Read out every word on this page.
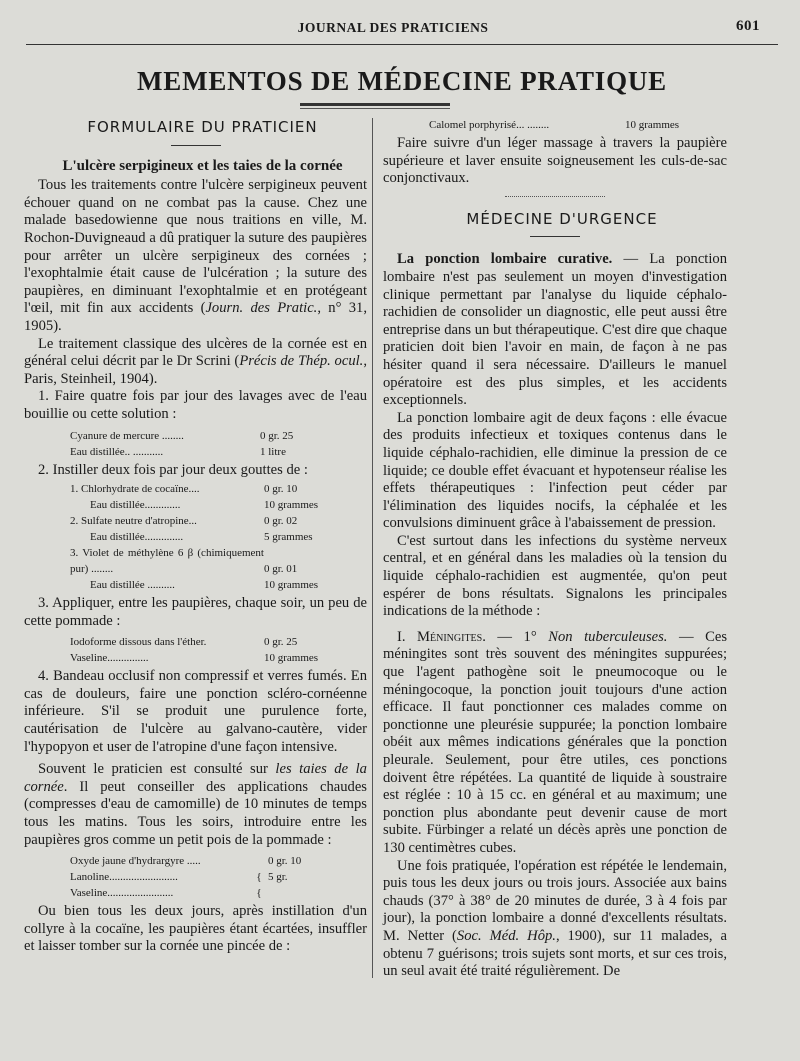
JOURNAL DES PRATICIENS	601
MEMENTOS DE MÉDECINE PRATIQUE

FORMULAIRE DU PRATICIEN

L'ulcère serpigineux et les taies de la cornée

Tous les traitements contre l'ulcère serpigineux peuvent échouer quand on ne combat pas la cause. Chez une malade basedowienne que nous traitions en ville, M. Rochon-Duvigneaud a dû pratiquer la suture des paupières pour arrêter un ulcère serpigineux des cornées ; l'exophtalmie était cause de l'ulcération ; la suture des paupières, en diminuant l'exophtalmie et en protégeant l'œil, mit fin aux accidents (Journ. des Pratic., n° 31, 1905).

Le traitement classique des ulcères de la cornée est en général celui décrit par le Dr Scrini (Précis de Thép. ocul., Paris, Steinheil, 1904).

1. Faire quatre fois par jour des lavages avec de l'eau bouillie ou cette solution :

Cyanure de mercure ........	0 gr. 25
Eau distillée.. ...........	1 litre

2. Instiller deux fois par jour deux gouttes de :

1. Chlorhydrate de cocaïne....	0 gr. 10
Eau distillée.............	10 grammes
2. Sulfate neutre d'atropine...	0 gr. 02
Eau distillée..............	5 grammes
3. Violet de méthylène 6 β (chimiquement pur) ........	0 gr. 01
Eau distillée ..........	10 grammes

3. Appliquer, entre les paupières, chaque soir, un peu de cette pommade :

Iodoforme dissous dans l'éther.	0 gr. 25
Vaseline...............	10 grammes

4. Bandeau occlusif non compressif et verres fumés. En cas de douleurs, faire une ponction scléro-cornéenne inférieure. S'il se produit une purulence forte, cautérisation de l'ulcère au galvano-cautère, vider l'hypopyon et user de l'atropine d'une façon intensive.

Souvent le praticien est consulté sur les taies de la cornée. Il peut conseiller des applications chaudes (compresses d'eau de camomille) de 10 minutes de temps tous les matins. Tous les soirs, introduire entre les paupières gros comme un petit pois de la pommade :

Oxyde jaune d'hydrargyre .....	0 gr. 10
Lanoline.........................	{ 5 gr.
Vaseline........................	{

Ou bien tous les deux jours, après instillation d'un collyre à la cocaïne, les paupières étant écartées, insuffler et laisser tomber sur la cornée une pincée de :

Calomel porphyrisé... ........	10 grammes

Faire suivre d'un léger massage à travers la paupière supérieure et laver ensuite soigneusement les culs-de-sac conjonctivaux.

MÉDECINE D'URGENCE

La ponction lombaire curative. — La ponction lombaire n'est pas seulement un moyen d'investigation clinique permettant par l'analyse du liquide céphalo-rachidien de consolider un diagnostic, elle peut aussi être entreprise dans un but thérapeutique. C'est dire que chaque praticien doit bien l'avoir en main, de façon à ne pas hésiter quand il sera nécessaire. D'ailleurs le manuel opératoire est des plus simples, et les accidents exceptionnels.

La ponction lombaire agit de deux façons : elle évacue des produits infectieux et toxiques contenus dans le liquide céphalo-rachidien, elle diminue la pression de ce liquide; ce double effet évacuant et hypotenseur réalise les effets thérapeutiques : l'infection peut céder par l'élimination des liquides nocifs, la céphalée et les convulsions diminuent grâce à l'abaissement de pression.

C'est surtout dans les infections du système nerveux central, et en général dans les maladies où la tension du liquide céphalo-rachidien est augmentée, qu'on peut espérer de bons résultats. Signalons les principales indications de la méthode :

I. Méningites. — 1° Non tuberculeuses. — Ces méningites sont très souvent des méningites suppurées; que l'agent pathogène soit le pneumocoque ou le méningocoque, la ponction jouit toujours d'une action efficace. Il faut ponctionner ces malades comme on ponctionne une pleurésie suppurée; la ponction lombaire obéit aux mêmes indications générales que la ponction pleurale. Seulement, pour être utiles, ces ponctions doivent être répétées. La quantité de liquide à soustraire est réglée : 10 à 15 cc. en général et au maximum; une ponction plus abondante peut devenir cause de mort subite. Fürbinger a relaté un décès après une ponction de 130 centimètres cubes.

Une fois pratiquée, l'opération est répétée le lendemain, puis tous les deux jours ou trois jours. Associée aux bains chauds (37° à 38° de 20 minutes de durée, 3 à 4 fois par jour), la ponction lombaire a donné d'excellents résultats. M. Netter (Soc. Méd. Hôp., 1900), sur 11 malades, a obtenu 7 guérisons; trois sujets sont morts, et sur ces trois, un seul avait été traité régulièrement. De
